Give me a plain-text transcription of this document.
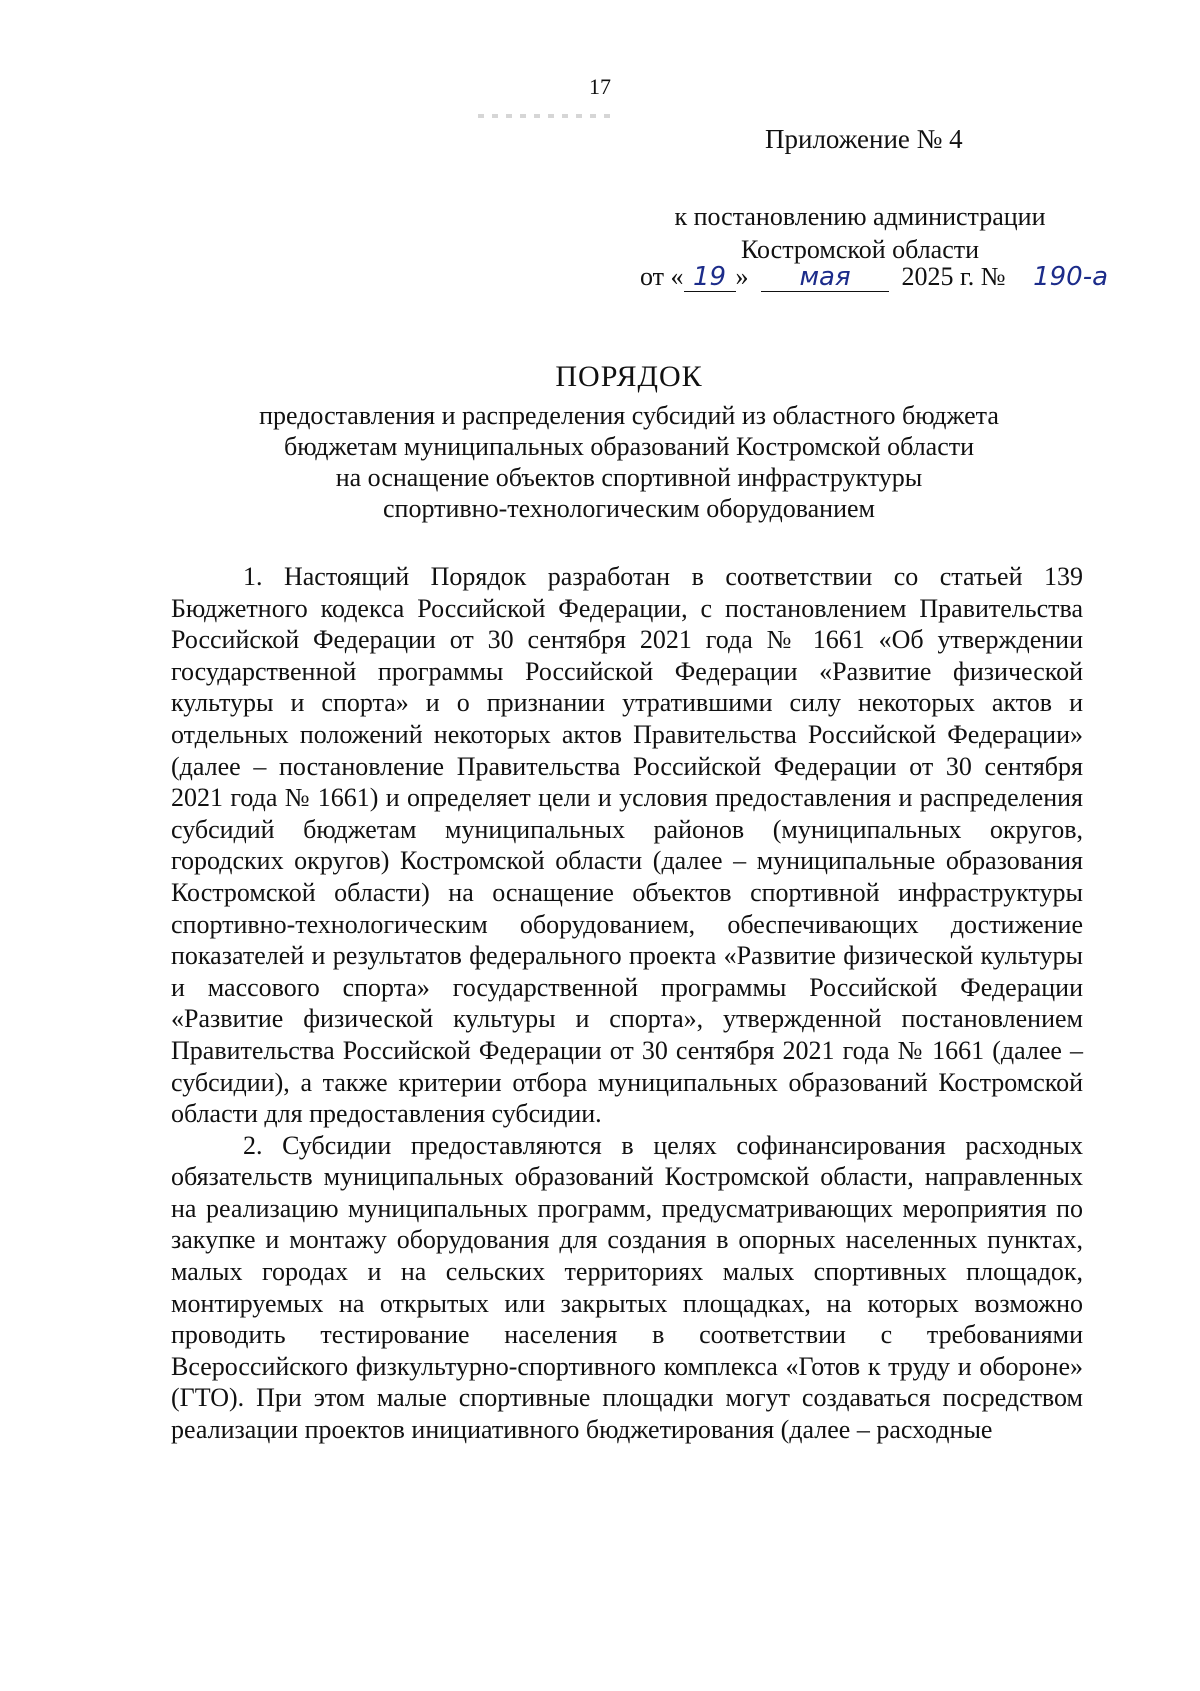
17
Приложение № 4
к постановлению администрации
Костромской области
от « 19 » мая 2025 г. № 190-а
ПОРЯДОК
предоставления и распределения субсидий из областного бюджета
бюджетам муниципальных образований Костромской области
на оснащение объектов спортивной инфраструктуры
спортивно-технологическим оборудованием

1. Настоящий Порядок разработан в соответствии со статьей 139 Бюджетного кодекса Российской Федерации, с постановлением Правительства Российской Федерации от 30 сентября 2021 года № 1661 «Об утверждении государственной программы Российской Федерации «Развитие физической культуры и спорта» и о признании утратившими силу некоторых актов и отдельных положений некоторых актов Правительства Российской Федерации» (далее – постановление Правительства Российской Федерации от 30 сентября 2021 года № 1661) и определяет цели и условия предоставления и распределения субсидий бюджетам муниципальных районов (муниципальных округов, городских округов) Костромской области (далее – муниципальные образования Костромской области) на оснащение объектов спортивной инфраструктуры спортивно-технологическим оборудованием, обеспечивающих достижение показателей и результатов федерального проекта «Развитие физической культуры и массового спорта» государственной программы Российской Федерации «Развитие физической культуры и спорта», утвержденной постановлением Правительства Российской Федерации от 30 сентября 2021 года № 1661 (далее – субсидии), а также критерии отбора муниципальных образований Костромской области для предоставления субсидии.

2. Субсидии предоставляются в целях софинансирования расходных обязательств муниципальных образований Костромской области, направленных на реализацию муниципальных программ, предусматривающих мероприятия по закупке и монтажу оборудования для создания в опорных населенных пунктах, малых городах и на сельских территориях малых спортивных площадок, монтируемых на открытых или закрытых площадках, на которых возможно проводить тестирование населения в соответствии с требованиями Всероссийского физкультурно-спортивного комплекса «Готов к труду и обороне» (ГТО). При этом малые спортивные площадки могут создаваться посредством реализации проектов инициативного бюджетирования (далее – расходные
